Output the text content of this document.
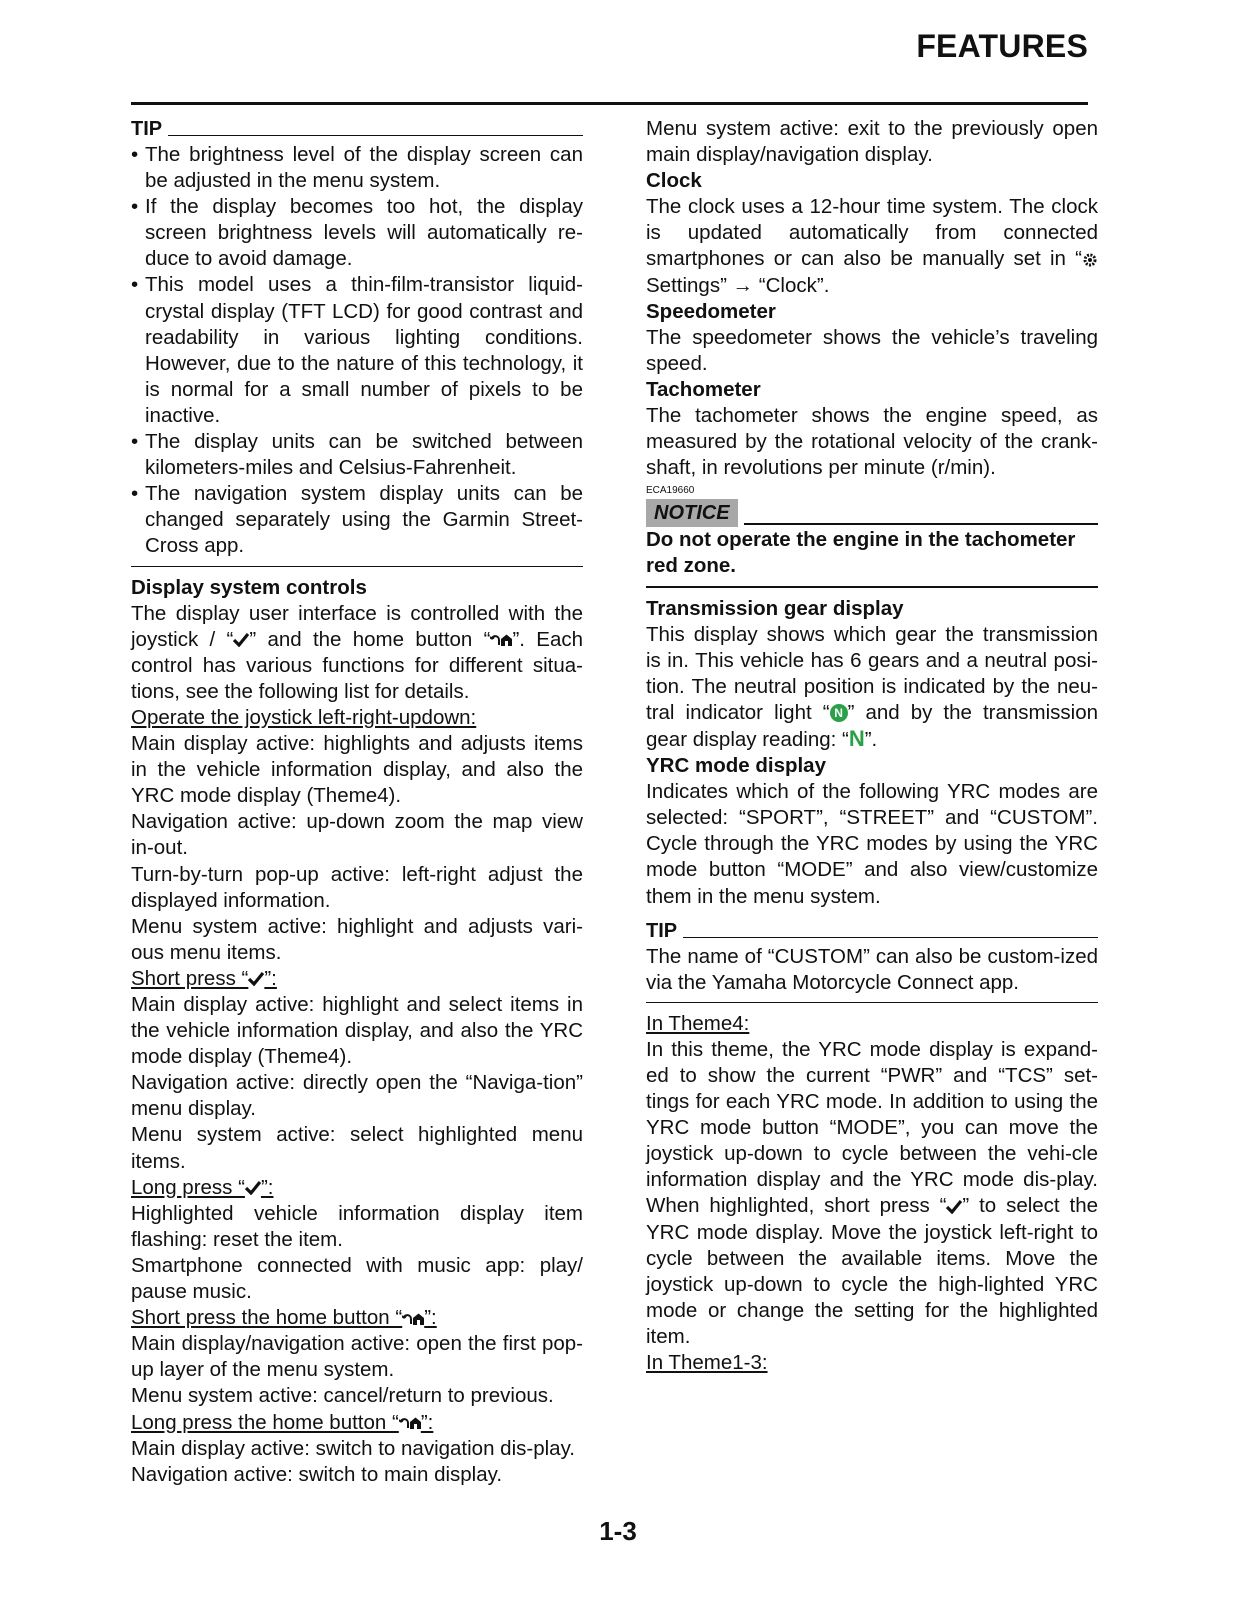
FEATURES
TIP
• The brightness level of the display screen can be adjusted in the menu system.
• If the display becomes too hot, the display screen brightness levels will automatically re-duce to avoid damage.
• This model uses a thin-film-transistor liquid-crystal display (TFT LCD) for good contrast and readability in various lighting conditions. However, due to the nature of this technology, it is normal for a small number of pixels to be inactive.
• The display units can be switched between kilometers-miles and Celsius-Fahrenheit.
• The navigation system display units can be changed separately using the Garmin Street-Cross app.

Display system controls

The display user interface is controlled with the joystick / “ ” and the home button “ ”. Each control has various functions for different situa-tions, see the following list for details.

Operate the joystick left-right-updown:

Main display active: highlights and adjusts items in the vehicle information display, and also the YRC mode display (Theme4).

Navigation active: up-down zoom the map view in-out.

Turn-by-turn pop-up active: left-right adjust the displayed information.

Menu system active: highlight and adjusts vari-ous menu items.

Short press “ ”:

Main display active: highlight and select items in the vehicle information display, and also the YRC mode display (Theme4).

Navigation active: directly open the “Naviga-tion” menu display.

Menu system active: select highlighted menu items.

Long press “ ”:

Highlighted vehicle information display item flashing: reset the item.

Smartphone connected with music app: play/ pause music.

Short press the home button “ ”:

Main display/navigation active: open the first pop-up layer of the menu system.

Menu system active: cancel/return to previous.

Long press the home button “ ”:

Main display active: switch to navigation dis-play.

Navigation active: switch to main display.

Menu system active: exit to the previously open main display/navigation display.

Clock

The clock uses a 12-hour time system. The clock is updated automatically from connected smartphones or can also be manually set in “ Settings” → “Clock”.

Speedometer

The speedometer shows the vehicle’s traveling speed.

Tachometer

The tachometer shows the engine speed, as measured by the rotational velocity of the crank-shaft, in revolutions per minute (r/min).

ECA19660
NOTICE

Do not operate the engine in the tachometer red zone.

Transmission gear display

This display shows which gear the transmission is in. This vehicle has 6 gears and a neutral posi-tion. The neutral position is indicated by the neu-tral indicator light “ N ” and by the transmission gear display reading: “N”.

YRC mode display

Indicates which of the following YRC modes are selected: “SPORT”, “STREET” and “CUSTOM”. Cycle through the YRC modes by using the YRC mode button “MODE” and also view/customize them in the menu system.

TIP

The name of “CUSTOM” can also be custom-ized via the Yamaha Motorcycle Connect app.

In Theme4:

In this theme, the YRC mode display is expand-ed to show the current “PWR” and “TCS” set-tings for each YRC mode. In addition to using the YRC mode button “MODE”, you can move the joystick up-down to cycle between the vehi-cle information display and the YRC mode dis-play. When highlighted, short press “ ” to select the YRC mode display. Move the joystick left-right to cycle between the available items. Move the joystick up-down to cycle the high-lighted YRC mode or change the setting for the highlighted item.

In Theme1-3:

1-3
